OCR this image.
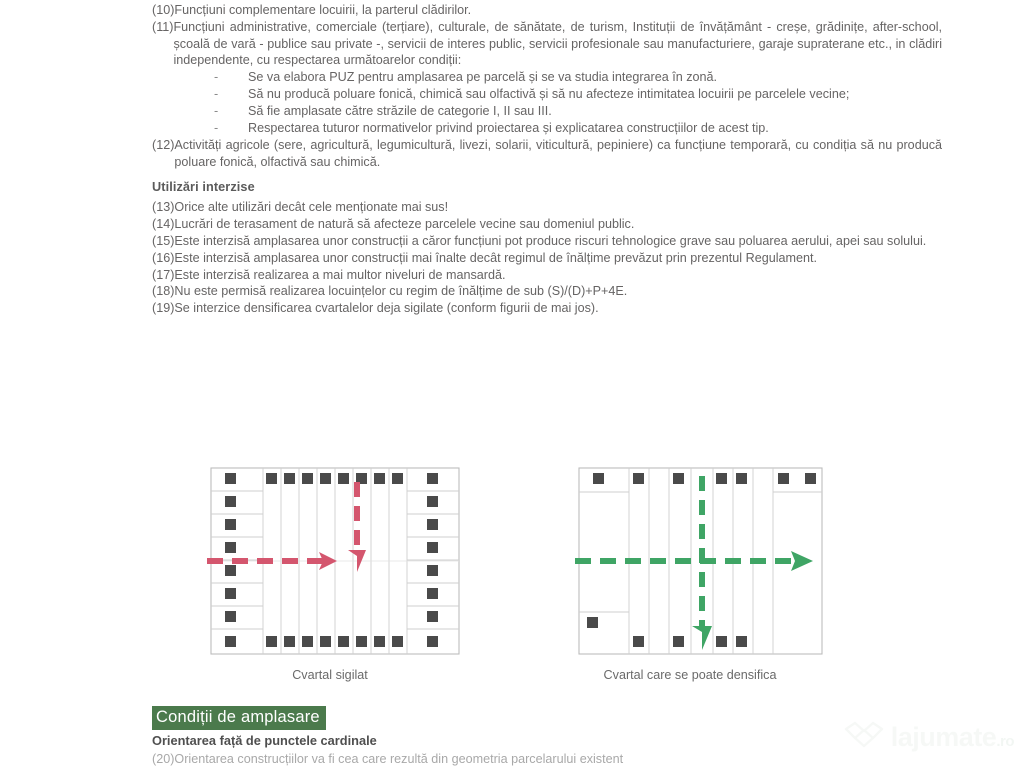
(10) Funcțiuni complementare locuirii, la parterul clădirilor.
(11) Funcțiuni administrative, comerciale (terțiare), culturale, de sănătate, de turism, Instituții de învățământ - creșe, grădinițe, after-school, școală de vară - publice sau private -, servicii de interes public, servicii profesionale sau manufacturiere, garaje supraterane etc., in clădiri independente, cu respectarea următoarelor condiții:
-	Se va elabora PUZ pentru amplasarea pe parcelă și se va studia integrarea în zonă.
-	Să nu producă poluare fonică, chimică sau olfactivă și să nu afecteze intimitatea locuirii pe parcelele vecine;
-	Să fie amplasate către străzile de categorie I, II sau III.
-	Respectarea tuturor normativelor privind proiectarea și explicatarea construcțiilor de acest tip.
(12) Activități agricole (sere, agricultură, legumicultură, livezi, solarii, viticultură, pepiniere) ca funcțiune temporară, cu condiția să nu producă poluare fonică, olfactivă sau chimică.
Utilizări interzise
(13) Orice alte utilizări decât cele menționate mai sus!
(14) Lucrări de terasament de natură să afecteze parcelele vecine sau domeniul public.
(15) Este interzisă amplasarea unor construcții a căror funcțiuni pot produce riscuri tehnologice grave sau poluarea aerului, apei sau solului.
(16) Este interzisă amplasarea unor construcții mai înalte decât regimul de înălțime prevăzut prin prezentul Regulament.
(17) Este interzisă realizarea a mai multor niveluri de mansardă.
(18) Nu este permisă realizarea locuințelor cu regim de înălțime de sub (S)/(D)+P+4E.
(19) Se interzice densificarea cvartalelor deja sigilate (conform figurii de mai jos).
Cvartal sigilat	Cvartal care se poate densifica
Condiții de amplasare
Orientarea față de punctele cardinale
(20)Orientarea construcțiilor va fi cea care rezultă din geometria parcelarului existent
lajumate.ro
